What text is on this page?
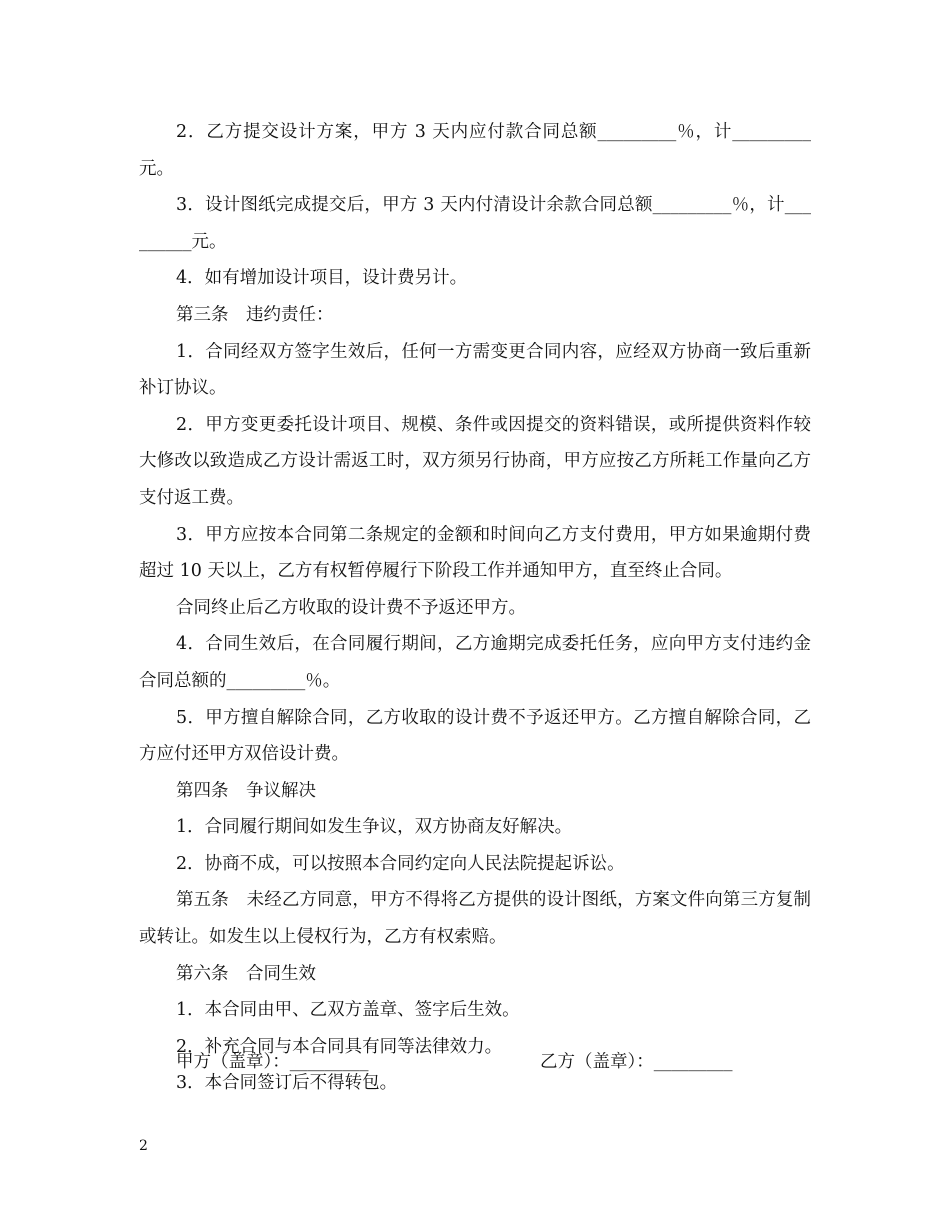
2．乙方提交设计方案，甲方 3 天内应付款合同总额_________％，计_________元。

3．设计图纸完成提交后，甲方 3 天内付清设计余款合同总额_________％，计_________元。

4．如有增加设计项目，设计费另计。

第三条　违约责任：

1．合同经双方签字生效后，任何一方需变更合同内容，应经双方协商一致后重新补订协议。

2．甲方变更委托设计项目、规模、条件或因提交的资料错误，或所提供资料作较大修改以致造成乙方设计需返工时，双方须另行协商，甲方应按乙方所耗工作量向乙方支付返工费。

3．甲方应按本合同第二条规定的金额和时间向乙方支付费用，甲方如果逾期付费超过 10 天以上，乙方有权暂停履行下阶段工作并通知甲方，直至终止合同。

合同终止后乙方收取的设计费不予返还甲方。

4．合同生效后，在合同履行期间，乙方逾期完成委托任务，应向甲方支付违约金合同总额的_________％。

5．甲方擅自解除合同，乙方收取的设计费不予返还甲方。乙方擅自解除合同，乙方应付还甲方双倍设计费。

第四条　争议解决

1．合同履行期间如发生争议，双方协商友好解决。

2．协商不成，可以按照本合同约定向人民法院提起诉讼。

第五条　未经乙方同意，甲方不得将乙方提供的设计图纸，方案文件向第三方复制或转让。如发生以上侵权行为，乙方有权索赔。

第六条　合同生效

1．本合同由甲、乙双方盖章、签字后生效。

2．补充合同与本合同具有同等法律效力。

3．本合同签订后不得转包。

甲方（盖章）：_________	乙方（盖章）：_________
2
